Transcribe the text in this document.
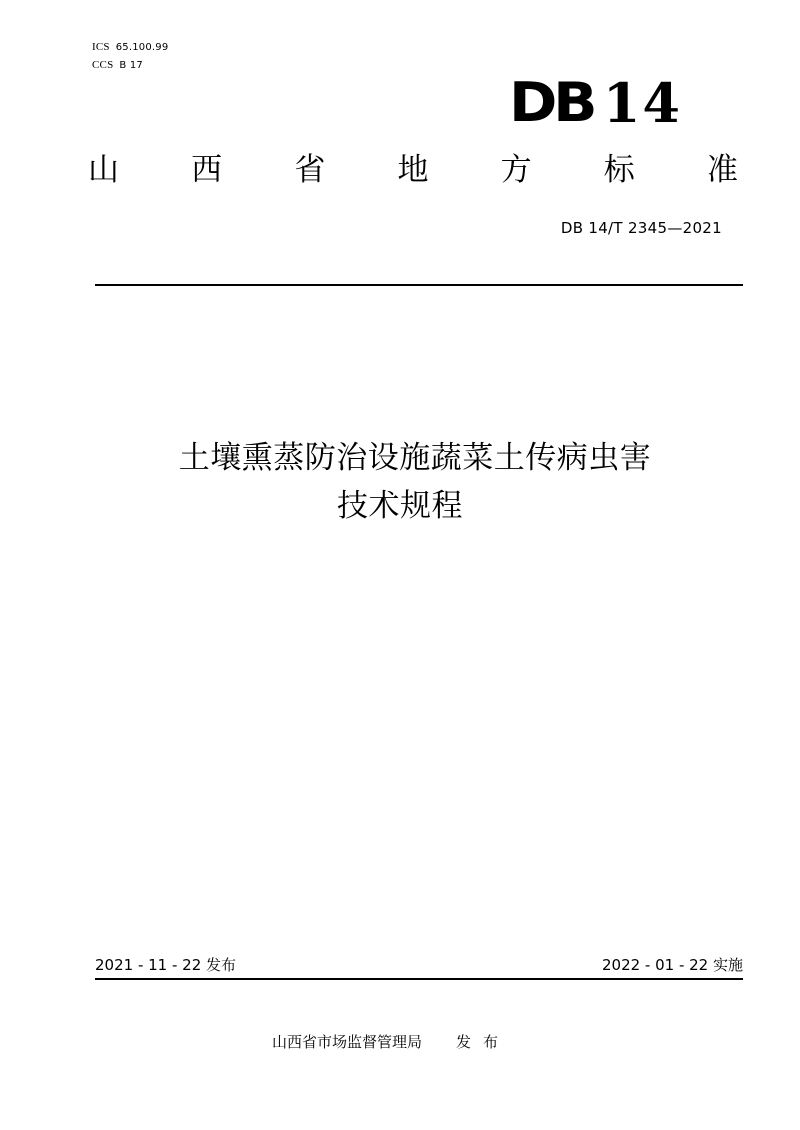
ICS 65.100.99
CCS B 17
DB 14
山 西 省 地 方 标 准
DB 14/T 2345—2021
土壤熏蒸防治设施蔬菜土传病虫害
技术规程
2021 - 11 - 22 发布	2022 - 01 - 22 实施
山西省市场监督管理局 发布
